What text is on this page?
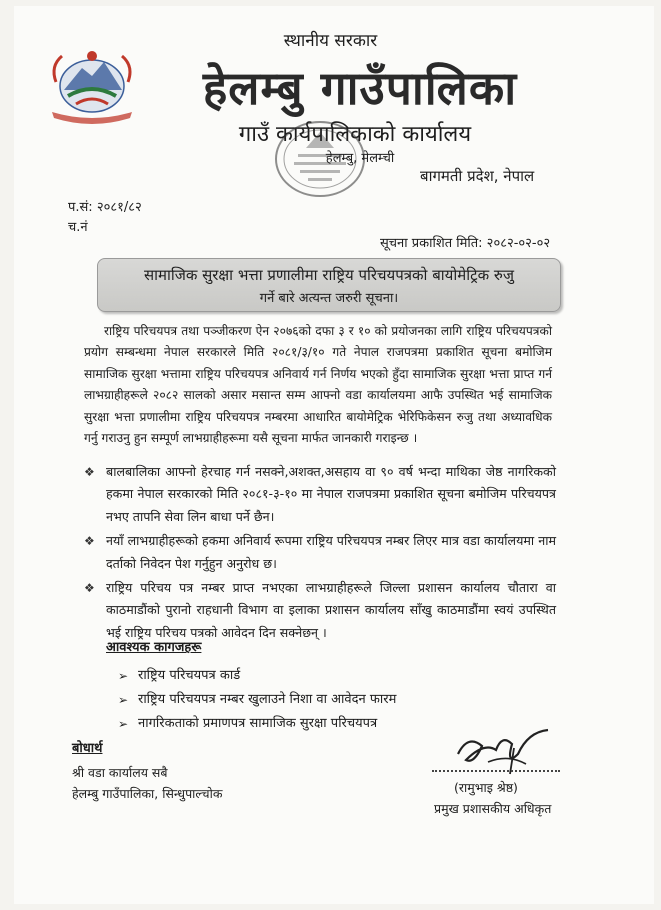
स्थानीय सरकार
हेलम्बु गाउँपालिका
गाउँ कार्यपालिकाको कार्यालय
हेलम्बु, मेलम्ची
बागमती प्रदेश, नेपाल
प.सं: २०८१/८२
च.नं
सूचना प्रकाशित मिति: २०८२-०२-०२
सामाजिक सुरक्षा भत्ता प्रणालीमा राष्ट्रिय परिचयपत्रको बायोमेट्रिक रुजु
गर्ने बारे अत्यन्त जरुरी सूचना।
राष्ट्रिय परिचयपत्र तथा पञ्जीकरण ऐन २०७६को दफा ३ र १० को प्रयोजनका लागि राष्ट्रिय परिचयपत्रको प्रयोग सम्बन्धमा नेपाल सरकारले मिति २०८१/३/१० गते नेपाल राजपत्रमा प्रकाशित सूचना बमोजिम सामाजिक सुरक्षा भत्तामा राष्ट्रिय परिचयपत्र अनिवार्य गर्न निर्णय भएको हुँदा सामाजिक सुरक्षा भत्ता प्राप्त गर्न लाभग्राहीहरूले २०८२ सालको असार मसान्त सम्म आफ्नो वडा कार्यालयमा आफै उपस्थित भई सामाजिक सुरक्षा भत्ता प्रणालीमा राष्ट्रिय परिचयपत्र नम्बरमा आधारित बायोमेट्रिक भेरिफिकेसन रुजु तथा अध्यावधिक गर्नु गराउनु हुन सम्पूर्ण लाभग्राहीहरूमा यसै सूचना मार्फत जानकारी गराइन्छ ।
❖ बालबालिका आफ्नो हेरचाह गर्न नसक्ने,अशक्त,असहाय वा ९० वर्ष भन्दा माथिका जेष्ठ नागरिकको हकमा नेपाल सरकारको मिति २०८१-३-१० मा नेपाल राजपत्रमा प्रकाशित सूचना बमोजिम परिचयपत्र नभए तापनि सेवा लिन बाधा पर्ने छैन।
❖ नयाँ लाभग्राहीहरूको हकमा अनिवार्य रूपमा राष्ट्रिय परिचयपत्र नम्बर लिएर मात्र वडा कार्यालयमा नाम दर्ताको निवेदन पेश गर्नुहुन अनुरोध छ।
❖ राष्ट्रिय परिचय पत्र नम्बर प्राप्त नभएका लाभग्राहीहरूले जिल्ला प्रशासन कार्यालय चौतारा वा काठमाडौंको पुरानो राहधानी विभाग वा इलाका प्रशासन कार्यालय साँखु काठमाडौंमा स्वयं उपस्थित भई राष्ट्रिय परिचय पत्रको आवेदन दिन सक्नेछन् ।
आवश्यक कागजहरू
➢ राष्ट्रिय परिचयपत्र कार्ड
➢ राष्ट्रिय परिचयपत्र नम्बर खुलाउने निशा वा आवेदन फारम
➢ नागरिकताको प्रमाणपत्र सामाजिक सुरक्षा परिचयपत्र
बोधार्थ
श्री वडा कार्यालय सबै
हेलम्बु गाउँपालिका, सिन्धुपाल्चोक	(रामुभाइ श्रेष्ठ)
प्रमुख प्रशासकीय अधिकृत
